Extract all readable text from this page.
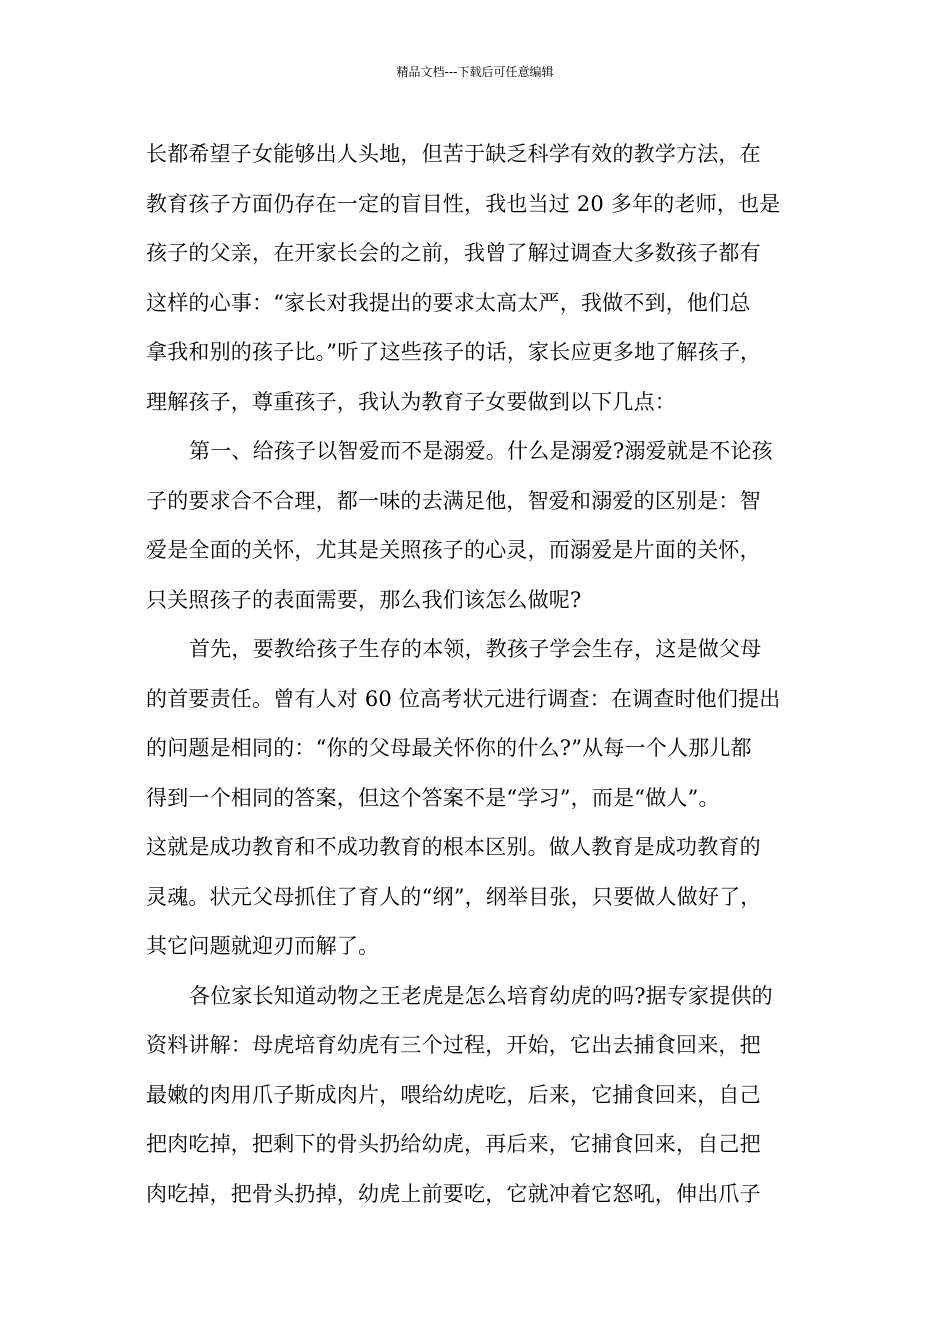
精品文档---下载后可任意编辑
长都希望子女能够出人头地，但苦于缺乏科学有效的教学方法，在
教育孩子方面仍存在一定的盲目性，我也当过 20 多年的老师，也是
孩子的父亲，在开家长会的之前，我曾了解过调查大多数孩子都有
这样的心事：“家长对我提出的要求太高太严，我做不到，他们总
拿我和别的孩子比。”听了这些孩子的话，家长应更多地了解孩子，
理解孩子，尊重孩子，我认为教育子女要做到以下几点：
第一、给孩子以智爱而不是溺爱。什么是溺爱?溺爱就是不论孩
子的要求合不合理，都一味的去满足他，智爱和溺爱的区别是：智
爱是全面的关怀，尤其是关照孩子的心灵，而溺爱是片面的关怀，
只关照孩子的表面需要，那么我们该怎么做呢?
首先，要教给孩子生存的本领，教孩子学会生存，这是做父母
的首要责任。曾有人对 60 位高考状元进行调查：在调查时他们提出
的问题是相同的：“你的父母最关怀你的什么?”从每一个人那儿都
得到一个相同的答案，但这个答案不是“学习”，而是“做人”。
这就是成功教育和不成功教育的根本区别。做人教育是成功教育的
灵魂。状元父母抓住了育人的“纲”，纲举目张，只要做人做好了，
其它问题就迎刃而解了。
各位家长知道动物之王老虎是怎么培育幼虎的吗?据专家提供的
资料讲解：母虎培育幼虎有三个过程，开始，它出去捕食回来，把
最嫩的肉用爪子斯成肉片，喂给幼虎吃，后来，它捕食回来，自己
把肉吃掉，把剩下的骨头扔给幼虎，再后来，它捕食回来，自己把
肉吃掉，把骨头扔掉，幼虎上前要吃，它就冲着它怒吼，伸出爪子
